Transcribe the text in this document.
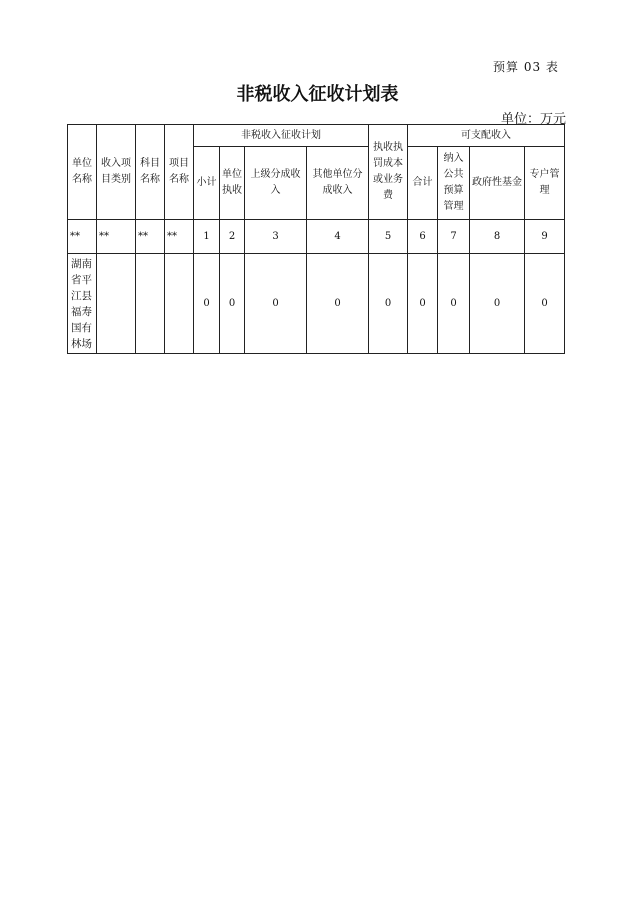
预算 03 表
非税收入征收计划表
单位：万元
单位名称	收入项目类别	科目名称	项目名称	非税收入征收计划				执收执罚成本或业务费	可支配收入			
				小计	单位执收	上级分成收入	其他单位分成收入		合计	纳入公共预算管理	政府性基金	专户管理
**	**	**	**	1	2	3	4	5	6	7	8	9
湖南省平江县福寿国有林场				0	0	0	0	0	0	0	0	0
